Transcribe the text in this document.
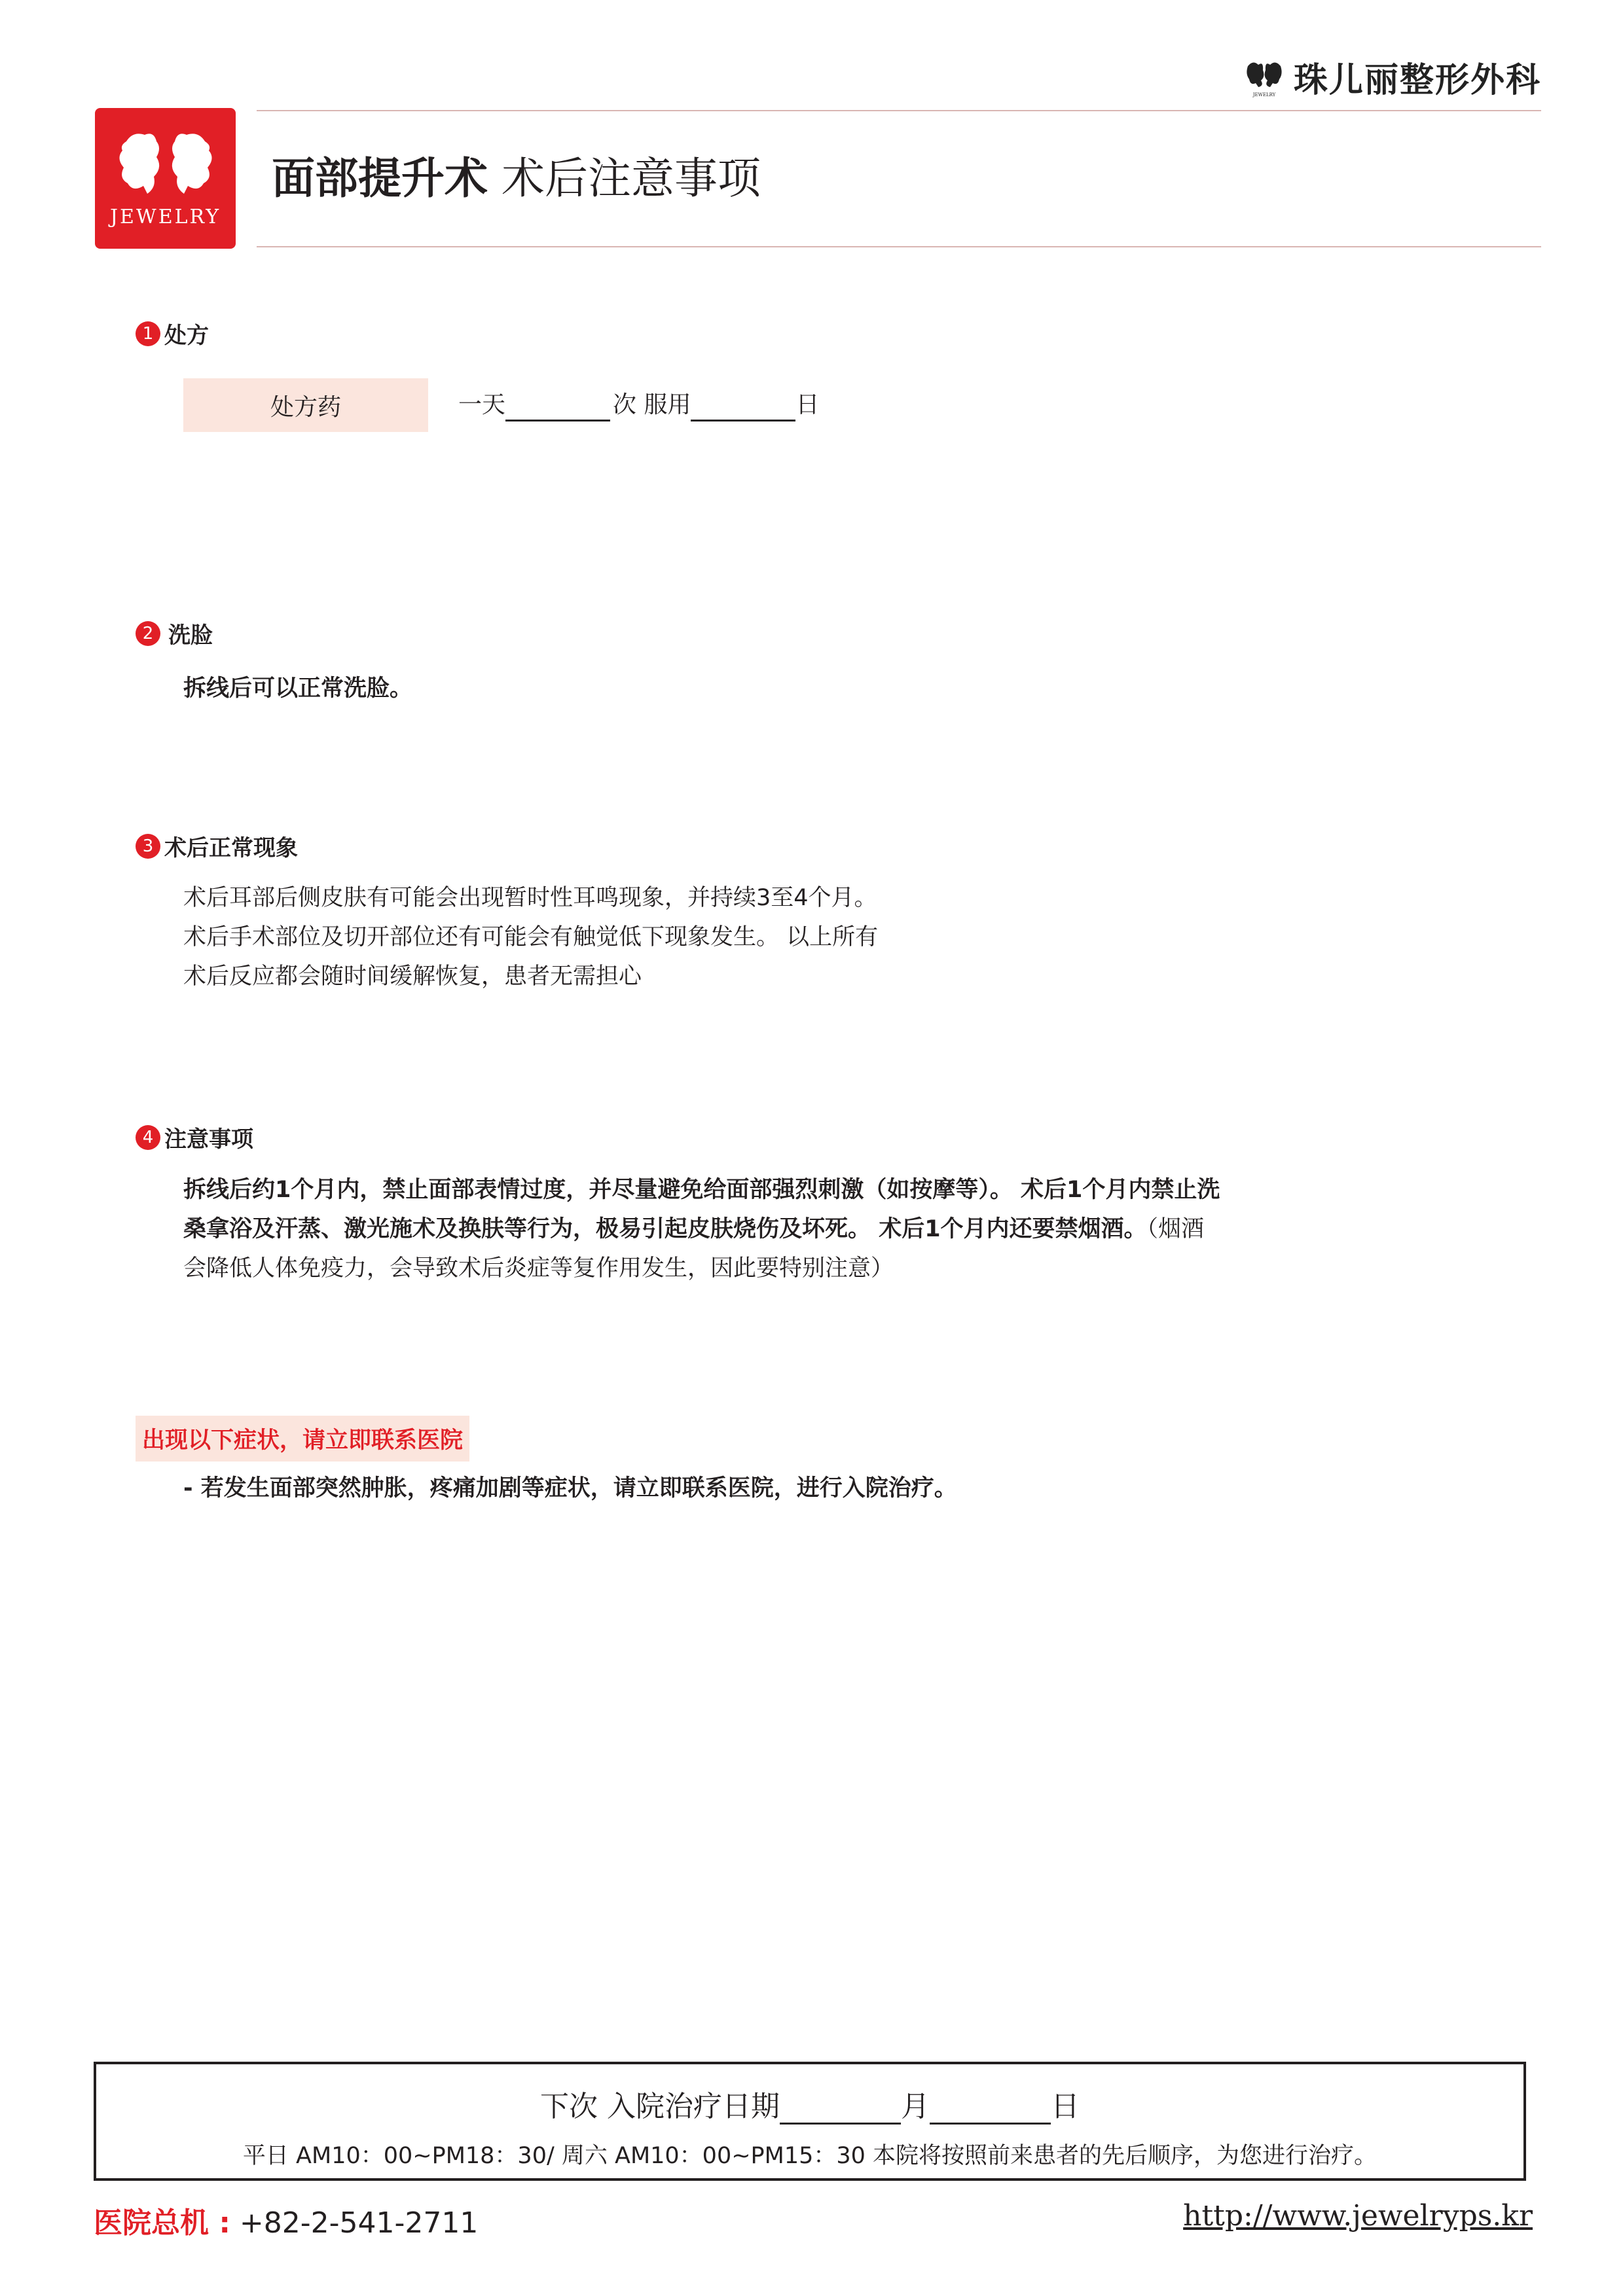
JEWELRY 珠儿丽整形外科
JEWELRY
面部提升术 术后注意事项
1 处方
处方药	一天	次 服用	日
2 洗脸
拆线后可以正常洗脸。
3 术后正常现象
术后耳部后侧皮肤有可能会出现暂时性耳鸣现象，并持续3至4个月。
术后手术部位及切开部位还有可能会有触觉低下现象发生。 以上所有
术后反应都会随时间缓解恢复，患者无需担心
4 注意事项
拆线后约1个月内，禁止面部表情过度，并尽量避免给面部强烈刺激（如按摩等）。 术后1个月内禁止洗
桑拿浴及汗蒸、激光施术及换肤等行为，极易引起皮肤烧伤及坏死。 术后1个月内还要禁烟酒。（烟酒
会降低人体免疫力，会导致术后炎症等复作用发生，因此要特别注意）
出现以下症状，请立即联系医院
- 若发生面部突然肿胀，疼痛加剧等症状，请立即联系医院，进行入院治疗。
下次 入院治疗日期	月	日
平日 AM10：00~PM18：30/ 周六 AM10：00~PM15：30 本院将按照前来患者的先后顺序，为您进行治疗。
医院总机 : +82-2-541-2711	http://www.jewelryps.kr
